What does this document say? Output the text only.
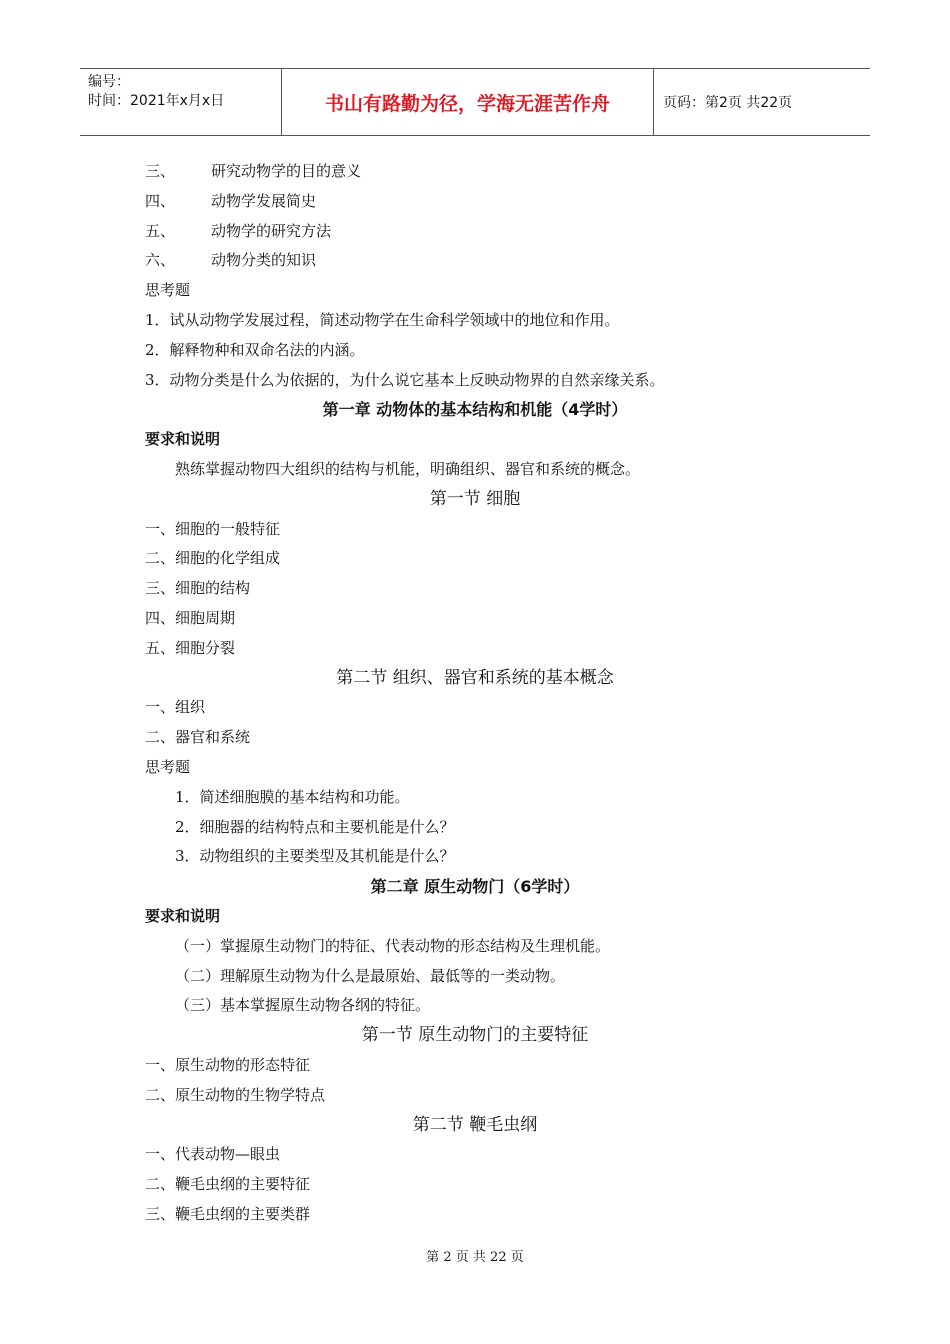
编号：
时间：2021年x月x日	书山有路勤为径，学海无涯苦作舟	页码：第2页 共22页
三、 研究动物学的目的意义
四、 动物学发展简史
五、 动物学的研究方法
六、 动物分类的知识
思考题
1．试从动物学发展过程，简述动物学在生命科学领域中的地位和作用。
2．解释物种和双命名法的内涵。
3．动物分类是什么为依据的，为什么说它基本上反映动物界的自然亲缘关系。
第一章 动物体的基本结构和机能（4学时）
要求和说明
熟练掌握动物四大组织的结构与机能，明确组织、器官和系统的概念。
第一节 细胞
一、细胞的一般特征
二、细胞的化学组成
三、细胞的结构
四、细胞周期
五、细胞分裂
第二节 组织、器官和系统的基本概念
一、组织
二、器官和系统
思考题
1．简述细胞膜的基本结构和功能。
2．细胞器的结构特点和主要机能是什么？
3．动物组织的主要类型及其机能是什么？
第二章 原生动物门（6学时）
要求和说明
（一）掌握原生动物门的特征、代表动物的形态结构及生理机能。
（二）理解原生动物为什么是最原始、最低等的一类动物。
（三）基本掌握原生动物各纲的特征。
第一节 原生动物门的主要特征
一、原生动物的形态特征
二、原生动物的生物学特点
第二节 鞭毛虫纲
一、代表动物—眼虫
二、鞭毛虫纲的主要特征
三、鞭毛虫纲的主要类群
第 2 页 共 22 页
